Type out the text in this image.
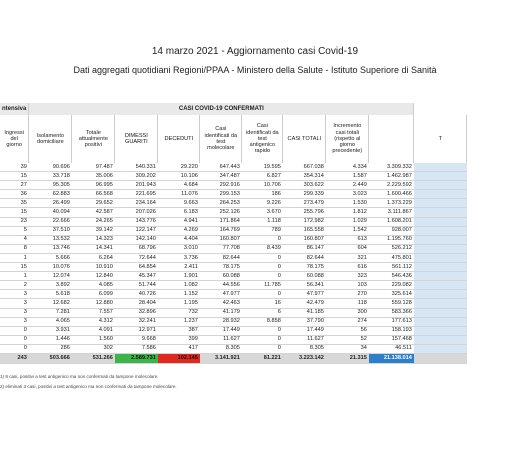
14 marzo 2021 - Aggiornamento casi Covid-19
Dati aggregati quotidiani Regioni/PPAA - Ministero della Salute - Istituto Superiore di Sanità
ntensiva	CASI COVID-19 CONFERMATI									
Ingressi del giorno	Isolamento domiciliare	Totale attualmente positivi	DIMESSI GUARITI	DECEDUTI	Casi identificati da test molecolare	Casi identificati da test antigenico rapido	CASI TOTALI	Incremento casi totali (rispetto al giorno precedente)	Totale persone testate	T
39	90.696	97.487	540.331	29.220	647.443	19.595	667.038	4.334	3.309.332	
15	33.718	35.006	309.202	10.106	347.487	6.827	354.314	1.587	1.462.987	
27	95.305	96.995	201.943	4.684	292.916	10.706	303.622	2.449	2.229.592	
36	62.883	66.568	221.695	11.076	299.153	186	299.339	3.023	1.600.466	
35	26.499	29.652	234.164	9.663	264.253	9.226	273.479	1.530	1.373.229	
15	40.094	42.587	207.026	6.183	252.126	3.670	255.796	1.812	3.111.867	
23	22.666	24.265	143.776	4.941	171.864	1.118	172.982	1.029	1.608.201	
5	37.510	39.142	122.147	4.269	164.769	789	165.558	1.542	928.007	
4	13.532	14.323	142.140	4.404	160.807	0	160.807	613	1.195.760	
8	13.746	14.341	68.796	3.010	77.708	8.439	86.147	604	526.212	
1	5.666	6.264	72.644	3.736	82.644	0	82.644	321	475.801	
15	10.076	10.910	64.854	2.411	78.175	0	78.175	616	561.112	
1	12.074	12.840	45.347	1.901	60.088	0	60.088	323	546.436	
2	3.892	4.085	51.744	1.082	44.556	11.785	56.341	103	229.082	
3	5.618	6.099	40.726	1.152	47.977	0	47.977	270	325.614	
3	12.682	12.880	28.404	1.195	42.463	16	42.479	118	559.128	
3	7.281	7.557	32.896	732	41.179	6	41.185	300	583.366	
3	4.065	4.312	32.241	1.237	28.932	8.858	37.790	274	177.613	
0	3.931	4.091	12.971	387	17.449	0	17.449	56	158.193	
0	1.446	1.560	9.668	399	11.627	0	11.627	52	157.468	
0	286	302	7.586	417	8.305	0	8.305	34	46.511	
243	503.666	531.266	2.589.731	102.145	3.141.921	81.221	3.223.142	21.315	21.138.014	
1) 8 casi, positivi a test antigenico ma non confermati da tampone molecolare.
2) eliminati 3 casi, positivi a test antigenico ma non confermati da tampone molecolare.
